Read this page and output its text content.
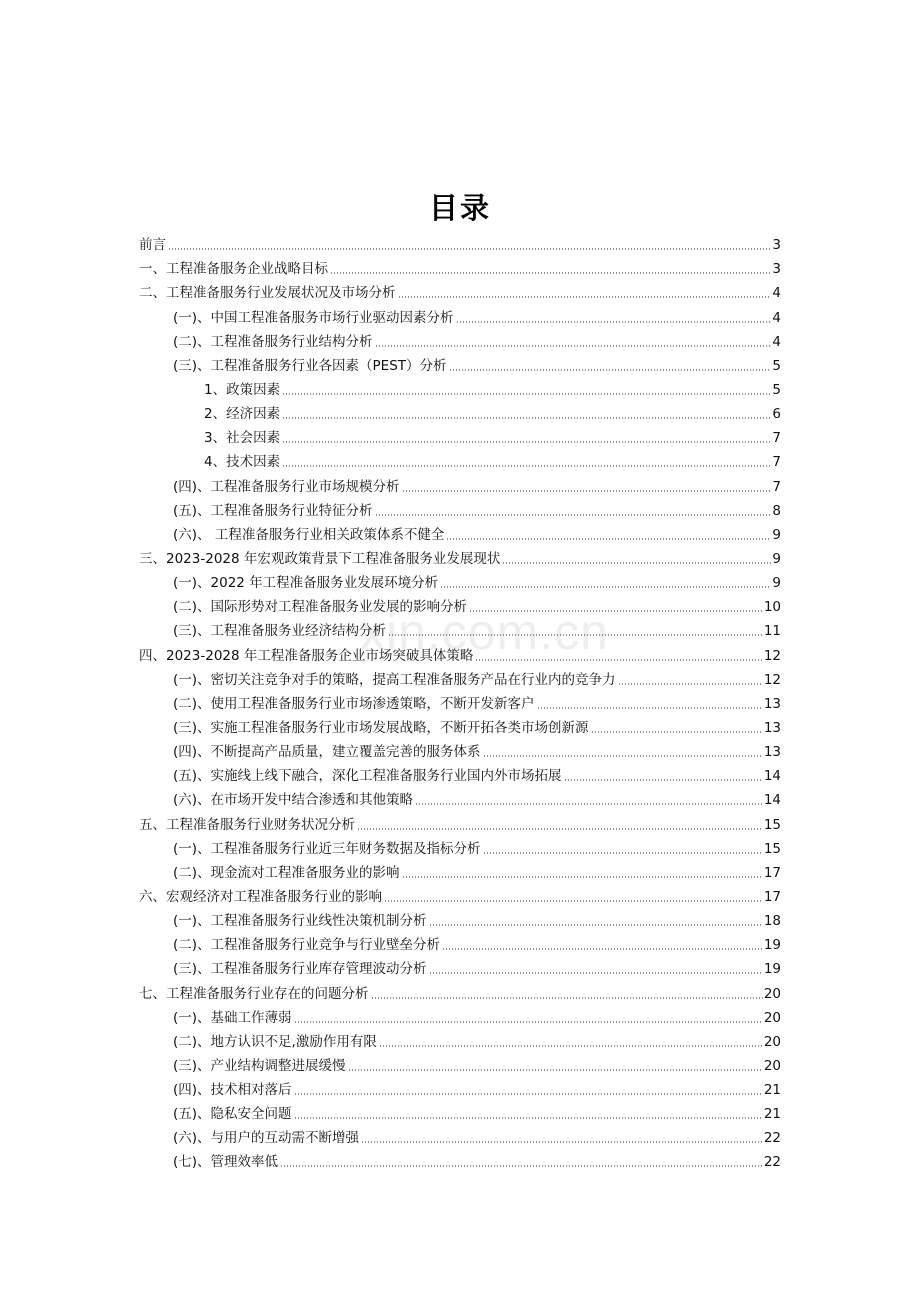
xin.com.cn
目录
前言	3
一、工程准备服务企业战略目标	3
二、工程准备服务行业发展状况及市场分析	4
(一)、中国工程准备服务市场行业驱动因素分析	4
(二)、工程准备服务行业结构分析	4
(三)、工程准备服务行业各因素（PEST）分析	5
1、政策因素	5
2、经济因素	6
3、社会因素	7
4、技术因素	7
(四)、工程准备服务行业市场规模分析	7
(五)、工程准备服务行业特征分析	8
(六)、 工程准备服务行业相关政策体系不健全	9
三、2023-2028 年宏观政策背景下工程准备服务业发展现状	9
(一)、2022 年工程准备服务业发展环境分析	9
(二)、国际形势对工程准备服务业发展的影响分析	10
(三)、工程准备服务业经济结构分析	11
四、2023-2028 年工程准备服务企业市场突破具体策略	12
(一)、密切关注竞争对手的策略，提高工程准备服务产品在行业内的竞争力	12
(二)、使用工程准备服务行业市场渗透策略，不断开发新客户	13
(三)、实施工程准备服务行业市场发展战略，不断开拓各类市场创新源	13
(四)、不断提高产品质量，建立覆盖完善的服务体系	13
(五)、实施线上线下融合，深化工程准备服务行业国内外市场拓展	14
(六)、在市场开发中结合渗透和其他策略	14
五、工程准备服务行业财务状况分析	15
(一)、工程准备服务行业近三年财务数据及指标分析	15
(二)、现金流对工程准备服务业的影响	17
六、宏观经济对工程准备服务行业的影响	17
(一)、工程准备服务行业线性决策机制分析	18
(二)、工程准备服务行业竞争与行业壁垒分析	19
(三)、工程准备服务行业库存管理波动分析	19
七、工程准备服务行业存在的问题分析	20
(一)、基础工作薄弱	20
(二)、地方认识不足,激励作用有限	20
(三)、产业结构调整进展缓慢	20
(四)、技术相对落后	21
(五)、隐私安全问题	21
(六)、与用户的互动需不断增强	22
(七)、管理效率低	22
